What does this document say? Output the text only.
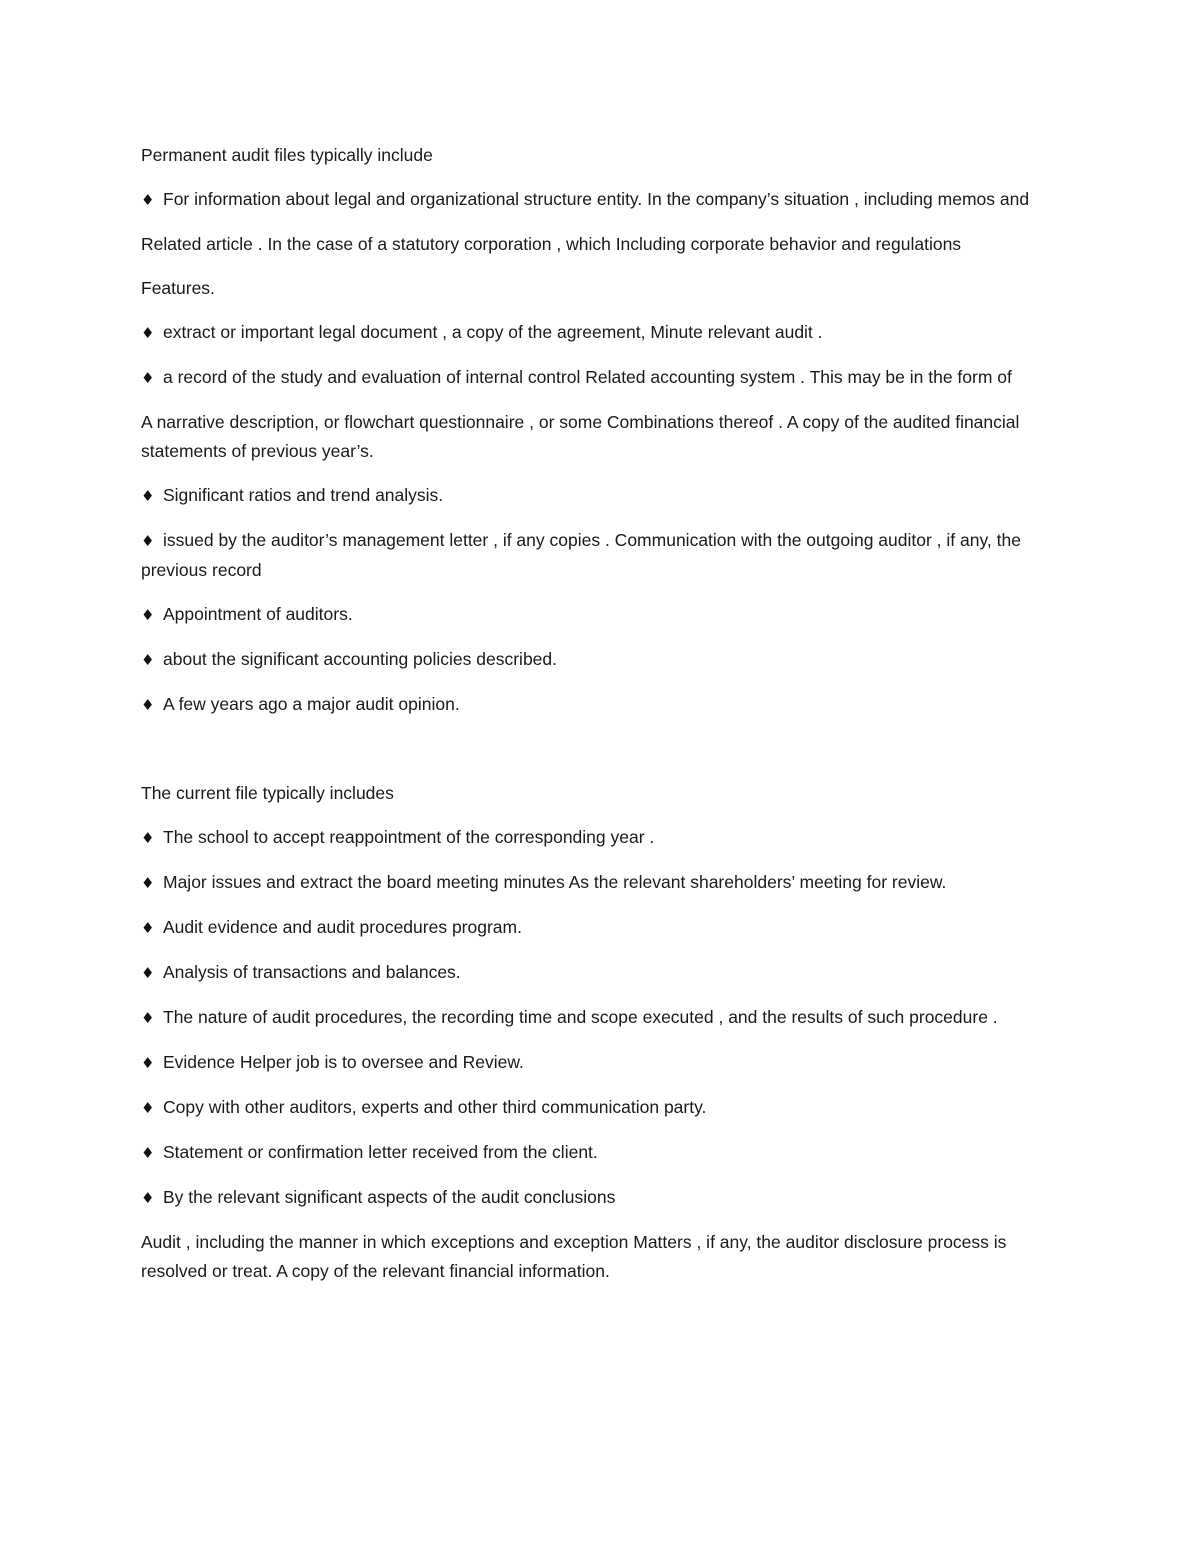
Permanent audit files typically include

♦ For information about legal and organizational structure entity. In the company’s situation , including memos and

Related article . In the case of a statutory corporation , which Including corporate behavior and regulations

Features.

♦ extract or important legal document , a copy of the agreement, Minute relevant audit .

♦ a record of the study and evaluation of internal control Related accounting system . This may be in the form of

A narrative description, or flowchart questionnaire , or some Combinations thereof . A copy of the audited financial statements of previous year’s.

♦ Significant ratios and trend analysis.

♦ issued by the auditor’s management letter , if any copies . Communication with the outgoing auditor , if any, the previous record

♦ Appointment of auditors.

♦ about the significant accounting policies described.

♦ A few years ago a major audit opinion.

The current file typically includes

♦ The school to accept reappointment of the corresponding year .

♦ Major issues and extract the board meeting minutes As the relevant shareholders’ meeting for review.

♦ Audit evidence and audit procedures program.

♦ Analysis of transactions and balances.

♦ The nature of audit procedures, the recording time and scope executed , and the results of such procedure .

♦ Evidence Helper job is to oversee and Review.

♦ Copy with other auditors, experts and other third communication party.

♦ Statement or confirmation letter received from the client.

♦ By the relevant significant aspects of the audit conclusions

Audit , including the manner in which exceptions and exception Matters , if any, the auditor disclosure process is resolved or treat. A copy of the relevant financial information.
